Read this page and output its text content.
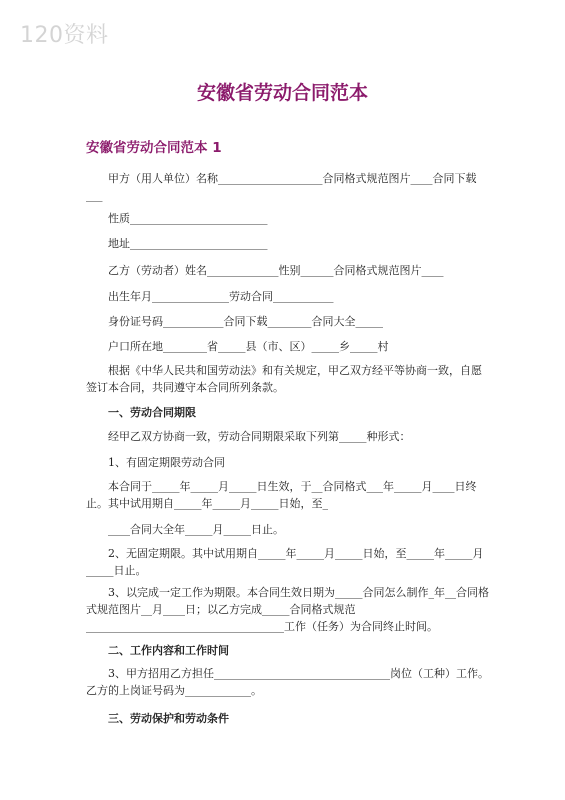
120资料
安徽省劳动合同范本
安徽省劳动合同范本 1

甲方（用人单位）名称___________________合同格式规范图片____合同下载___

性质_________________________

地址_________________________

乙方（劳动者）姓名_____________性别______合同格式规范图片____

出生年月______________劳动合同___________

身份证号码___________合同下载________合同大全_____

户口所在地________省_____县（市、区）_____乡_____村

根据《中华人民共和国劳动法》和有关规定，甲乙双方经平等协商一致，自愿签订本合同，共同遵守本合同所列条款。

一、劳动合同期限

经甲乙双方协商一致，劳动合同期限采取下列第_____种形式：

1、有固定期限劳动合同

本合同于_____年_____月_____日生效，于__合同格式___年_____月____日终止。其中试用期自_____年_____月_____日始，至_

____合同大全年_____月_____日止。

2、无固定期限。其中试用期自_____年_____月_____日始，至_____年_____月_____日止。

3、以完成一定工作为期限。本合同生效日期为_____合同怎么制作_年__合同格式规范图片__月____日；以乙方完成_____合同格式规范____________________________________工作（任务）为合同终止时间。

二、工作内容和工作时间

3、甲方招用乙方担任________________________________岗位（工种）工作。乙方的上岗证号码为____________。

三、劳动保护和劳动条件
